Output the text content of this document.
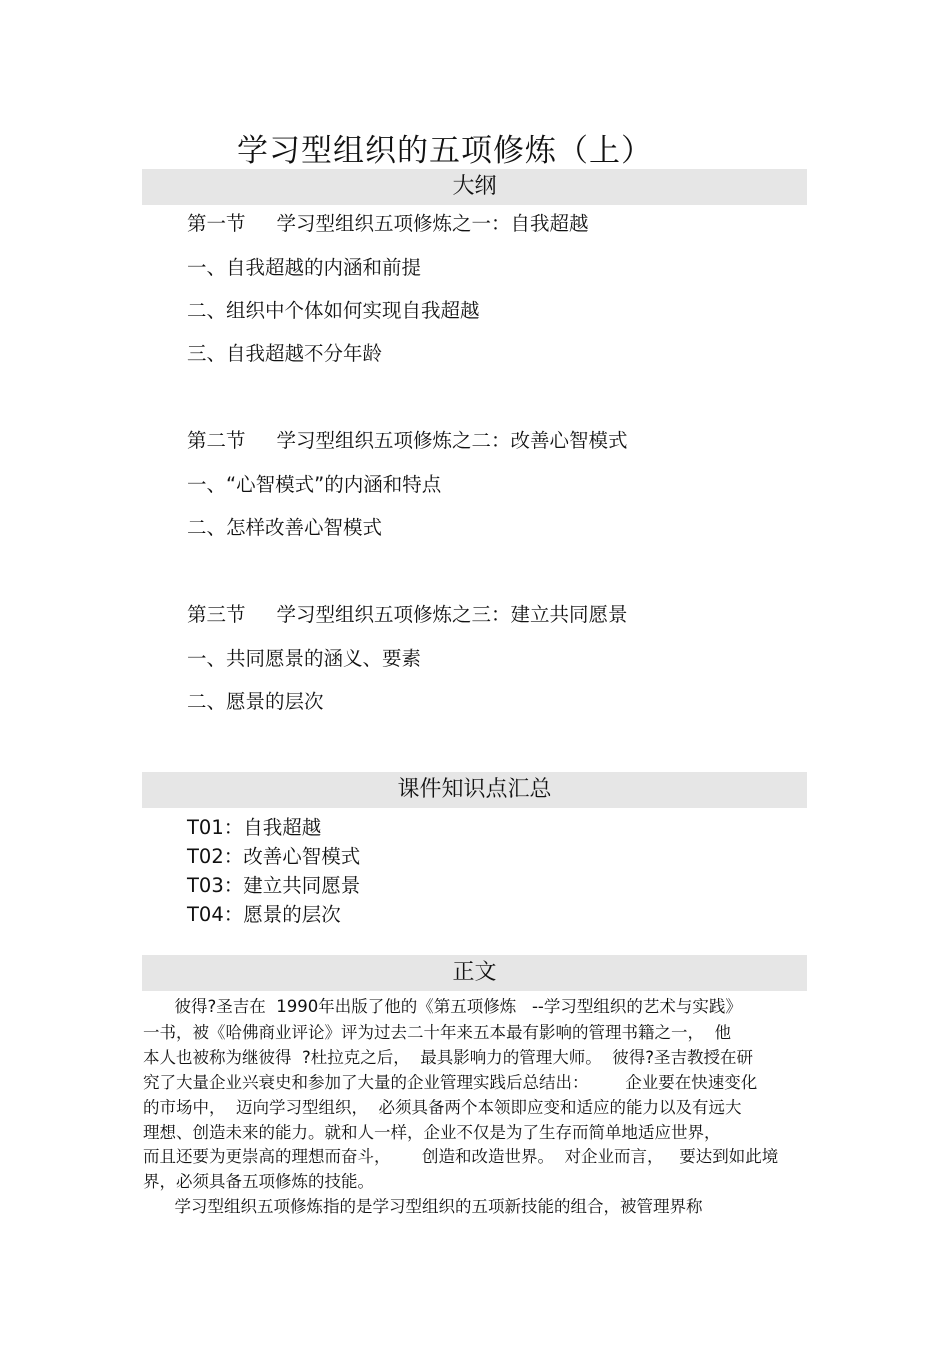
学习型组织的五项修炼（上）
大纲
第一节     学习型组织五项修炼之一：自我超越
一、自我超越的内涵和前提
二、组织中个体如何实现自我超越
三、自我超越不分年龄
第二节     学习型组织五项修炼之二：改善心智模式
一、“心智模式”的内涵和特点
二、怎样改善心智模式
第三节     学习型组织五项修炼之三：建立共同愿景
一、共同愿景的涵义、要素
二、愿景的层次
课件知识点汇总
T01：自我超越
T02：改善心智模式
T03：建立共同愿景
T04：愿景的层次
正文
彼得?圣吉在  1990年出版了他的《第五项修炼   --学习型组织的艺术与实践》
一书，被《哈佛商业评论》评为过去二十年来五本最有影响的管理书籍之一，  他
本人也被称为继彼得  ?杜拉克之后，  最具影响力的管理大师。  彼得?圣吉教授在研
究了大量企业兴衰史和参加了大量的企业管理实践后总结出：       企业要在快速变化
的市场中，  迈向学习型组织，  必须具备两个本领即应变和适应的能力以及有远大
理想、创造未来的能力。就和人一样，企业不仅是为了生存而简单地适应世界，
而且还要为更崇高的理想而奋斗，      创造和改造世界。  对企业而言，   要达到如此境
界，必须具备五项修炼的技能。
学习型组织五项修炼指的是学习型组织的五项新技能的组合，被管理界称
